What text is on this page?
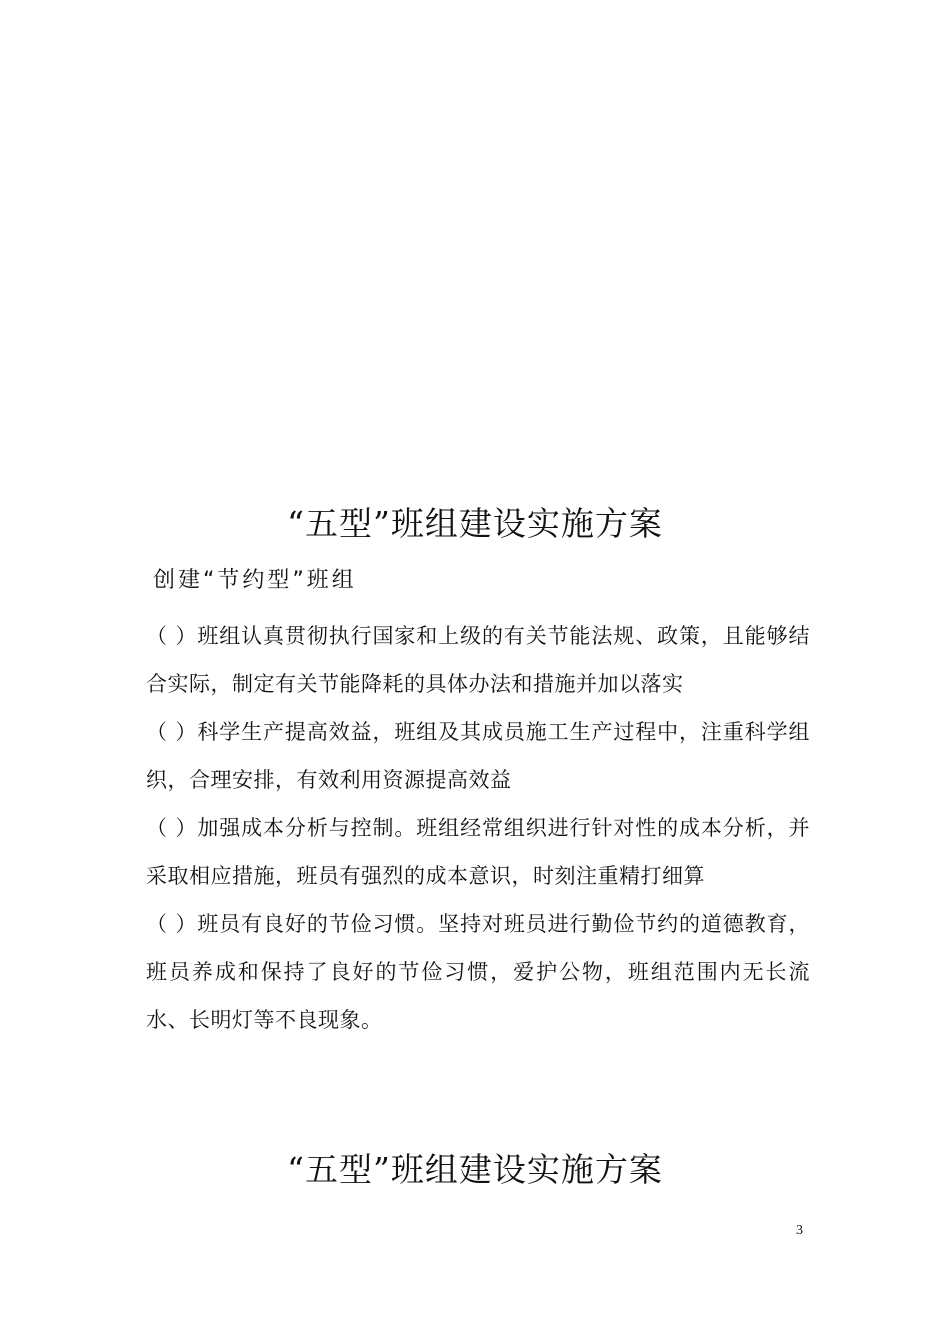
“五型”班组建设实施方案
创建“节约型”班组

（ ）班组认真贯彻执行国家和上级的有关节能法规、政策，且能够结合实际，制定有关节能降耗的具体办法和措施并加以落实

（ ）科学生产提高效益，班组及其成员施工生产过程中，注重科学组织，合理安排，有效利用资源提高效益

（ ）加强成本分析与控制。班组经常组织进行针对性的成本分析，并采取相应措施，班员有强烈的成本意识，时刻注重精打细算

（ ）班员有良好的节俭习惯。坚持对班员进行勤俭节约的道德教育，班员养成和保持了良好的节俭习惯，爱护公物，班组范围内无长流水、长明灯等不良现象。

“五型”班组建设实施方案
3
